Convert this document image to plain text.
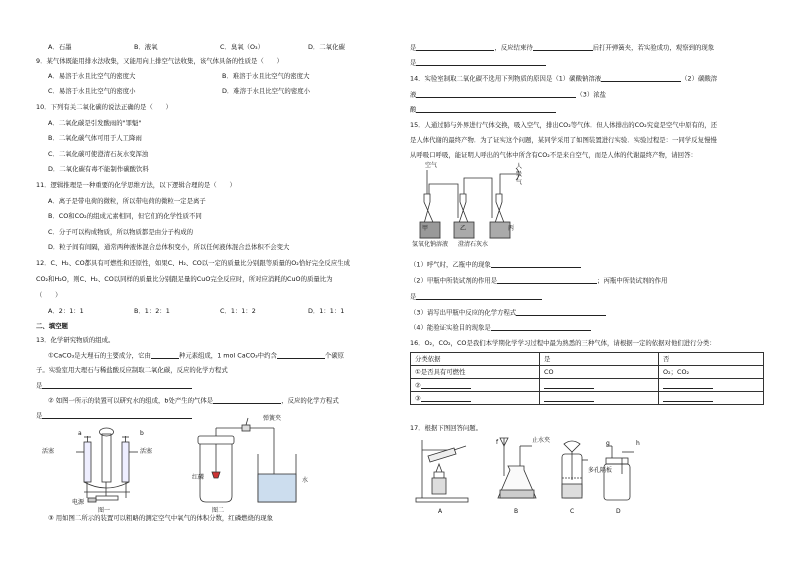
A．石墨	B．液氧	C．臭氧（O₃）	D．二氧化碳
9．某气体既能用排水法收集，又能用向上排空气法收集，该气体具备的性质是（　　）
A．易溶于水且比空气的密度大	B．难溶于水且比空气的密度大
C．易溶于水且比空气的密度小	D．难溶于水且比空气的密度小
10．下列有关二氧化碳的说法正确的是（　　）
A．二氧化碳是引发酸雨的"罪魁"
B．二氧化碳气体可用于人工降雨
C．二氧化碳可使澄清石灰水变浑浊
D．二氧化碳有毒不能制作碳酸饮料
11．逻辑推理是一种重要的化学思维方法，以下逻辑合理的是（　　）
A．离子是带电荷的微粒，所以带电荷的微粒一定是离子
B．CO和CO₂的组成元素相同，但它们的化学性质不同
C．分子可以构成物质，所以物质都是由分子构成的
D．粒子间有间隔，通常两种液体混合总体积变小，所以任何液体混合总体积不会变大
12．C、H₂、CO都具有可燃性和还原性，如果C、H₂、CO以一定的质量比分别跟等质量的O₂恰好完全反应生成
CO₂和H₂O，则C、H₂、CO以同样的质量比分别跟足量的CuO完全反应时，所对应消耗的CuO的质量比为
（　　）
A．2：1：1	B．1：2：1	C．1：1：2	D．1：1：1
二、填空题
13．化学研究物质的组成。
①CaCO₃是大理石的主要成分，它由	种元素组成，1 mol CaCO₃中约含	个碳原
子。实验室用大理石与稀盐酸反应制取二氧化碳，反应的化学方程式
是
② 如图一所示的装置可以研究水的组成，b处产生的气体是	，反应的化学方程式
是
a	b
活塞	活塞
电源
图一
弹簧夹
红磷	水
图二
③ 用如图二所示的装置可以粗略的测定空气中氧气的体积分数，红磷燃烧的现象
是	，反应结束待	后打开弹簧夹，若实验成功，观察到的现象
是
14．实验室制取二氧化碳不选用下列物质的原因是（1）碳酸钠溶液	（2）碳酸溶
液	（3）浓盐
酸
15．人通过肺与外界进行气体交换，吸入空气，排出CO₂等气体．但人体排出的CO₂究竟是空气中原有的，还
是人体代谢的最终产物．为了证实这个问题，某同学采用了如图装置进行实验．实验过程是：一同学反复慢慢
从呼吸口呼吸，能证明人呼出的气体中所含有CO₂不是来自空气，而是人体的代谢最终产物，请回答：
空气	人
吸
气
甲	乙	丙
氢氧化钠溶液 澄清石灰水
（1）呼气时，乙瓶中的现象
（2）甲瓶中所装试剂的作用是	；丙瓶中所装试剂的作用
是
（3）请写出甲瓶中反应的化学方程式
（4）能验证实验目的现象是
16．O₂，CO₂，CO是我们本学期化学学习过程中最为熟悉的三种气体，请根据一定的依据对他们进行分类：
分类依据	是	否
①是否具有可燃性	CO	O₂；CO₂
②		
③		
17．根据下图回答问题。
f	止水夹
多孔隔板
g	h
A	B	C	D
